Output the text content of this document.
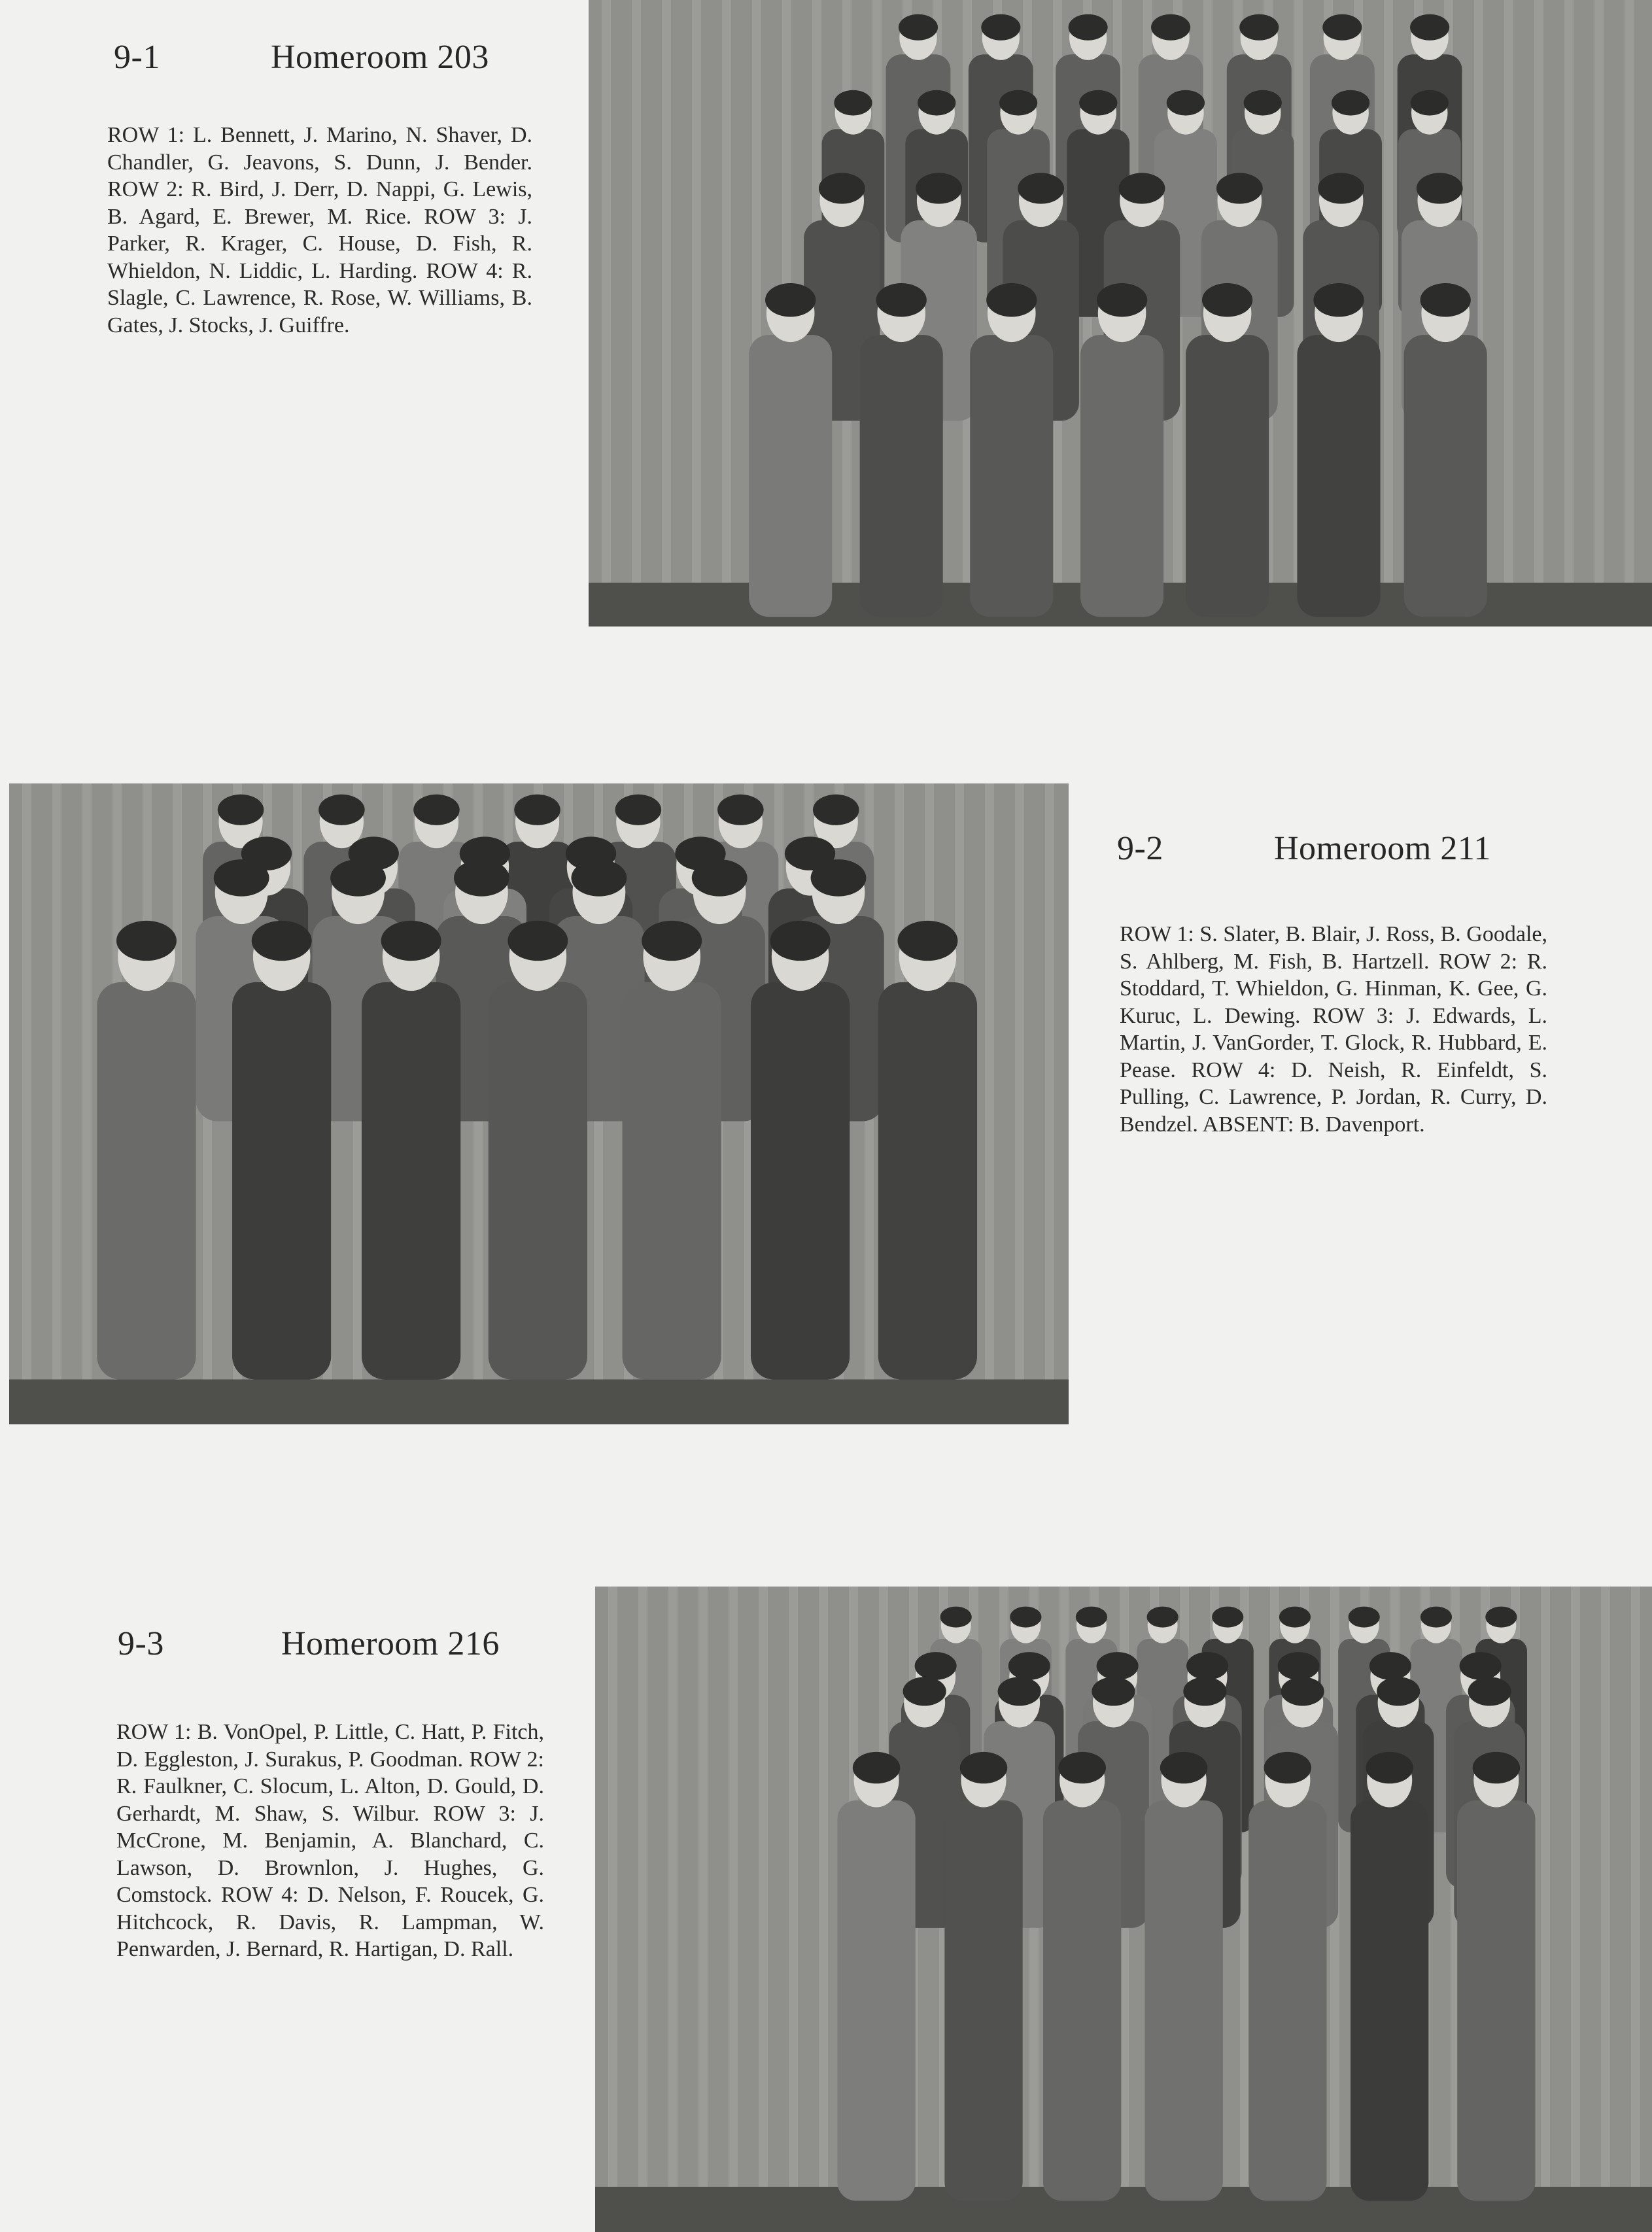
9-1	Homeroom 203

ROW 1: L. Bennett, J. Marino, N. Shaver, D. Chandler, G. Jeavons, S. Dunn, J. Bender. ROW 2: R. Bird, J. Derr, D. Nappi, G. Lewis, B. Agard, E. Brewer, M. Rice. ROW 3: J. Parker, R. Krager, C. House, D. Fish, R. Whieldon, N. Liddic, L. Harding. ROW 4: R. Slagle, C. Lawrence, R. Rose, W. Williams, B. Gates, J. Stocks, J. Guiffre.

9-2	Homeroom 211

ROW 1: S. Slater, B. Blair, J. Ross, B. Goodale, S. Ahlberg, M. Fish, B. Hartzell. ROW 2: R. Stoddard, T. Whieldon, G. Hinman, K. Gee, G. Kuruc, L. Dewing. ROW 3: J. Edwards, L. Martin, J. VanGorder, T. Glock, R. Hubbard, E. Pease. ROW 4: D. Neish, R. Einfeldt, S. Pulling, C. Lawrence, P. Jordan, R. Curry, D. Bendzel. ABSENT: B. Davenport.

9-3	Homeroom 216

ROW 1: B. VonOpel, P. Little, C. Hatt, P. Fitch, D. Eggleston, J. Surakus, P. Goodman. ROW 2: R. Faulkner, C. Slocum, L. Alton, D. Gould, D. Gerhardt, M. Shaw, S. Wilbur. ROW 3: J. McCrone, M. Benjamin, A. Blanchard, C. Lawson, D. Brownlon, J. Hughes, G. Comstock. ROW 4: D. Nelson, F. Roucek, G. Hitchcock, R. Davis, R. Lampman, W. Penwarden, J. Bernard, R. Hartigan, D. Rall.
